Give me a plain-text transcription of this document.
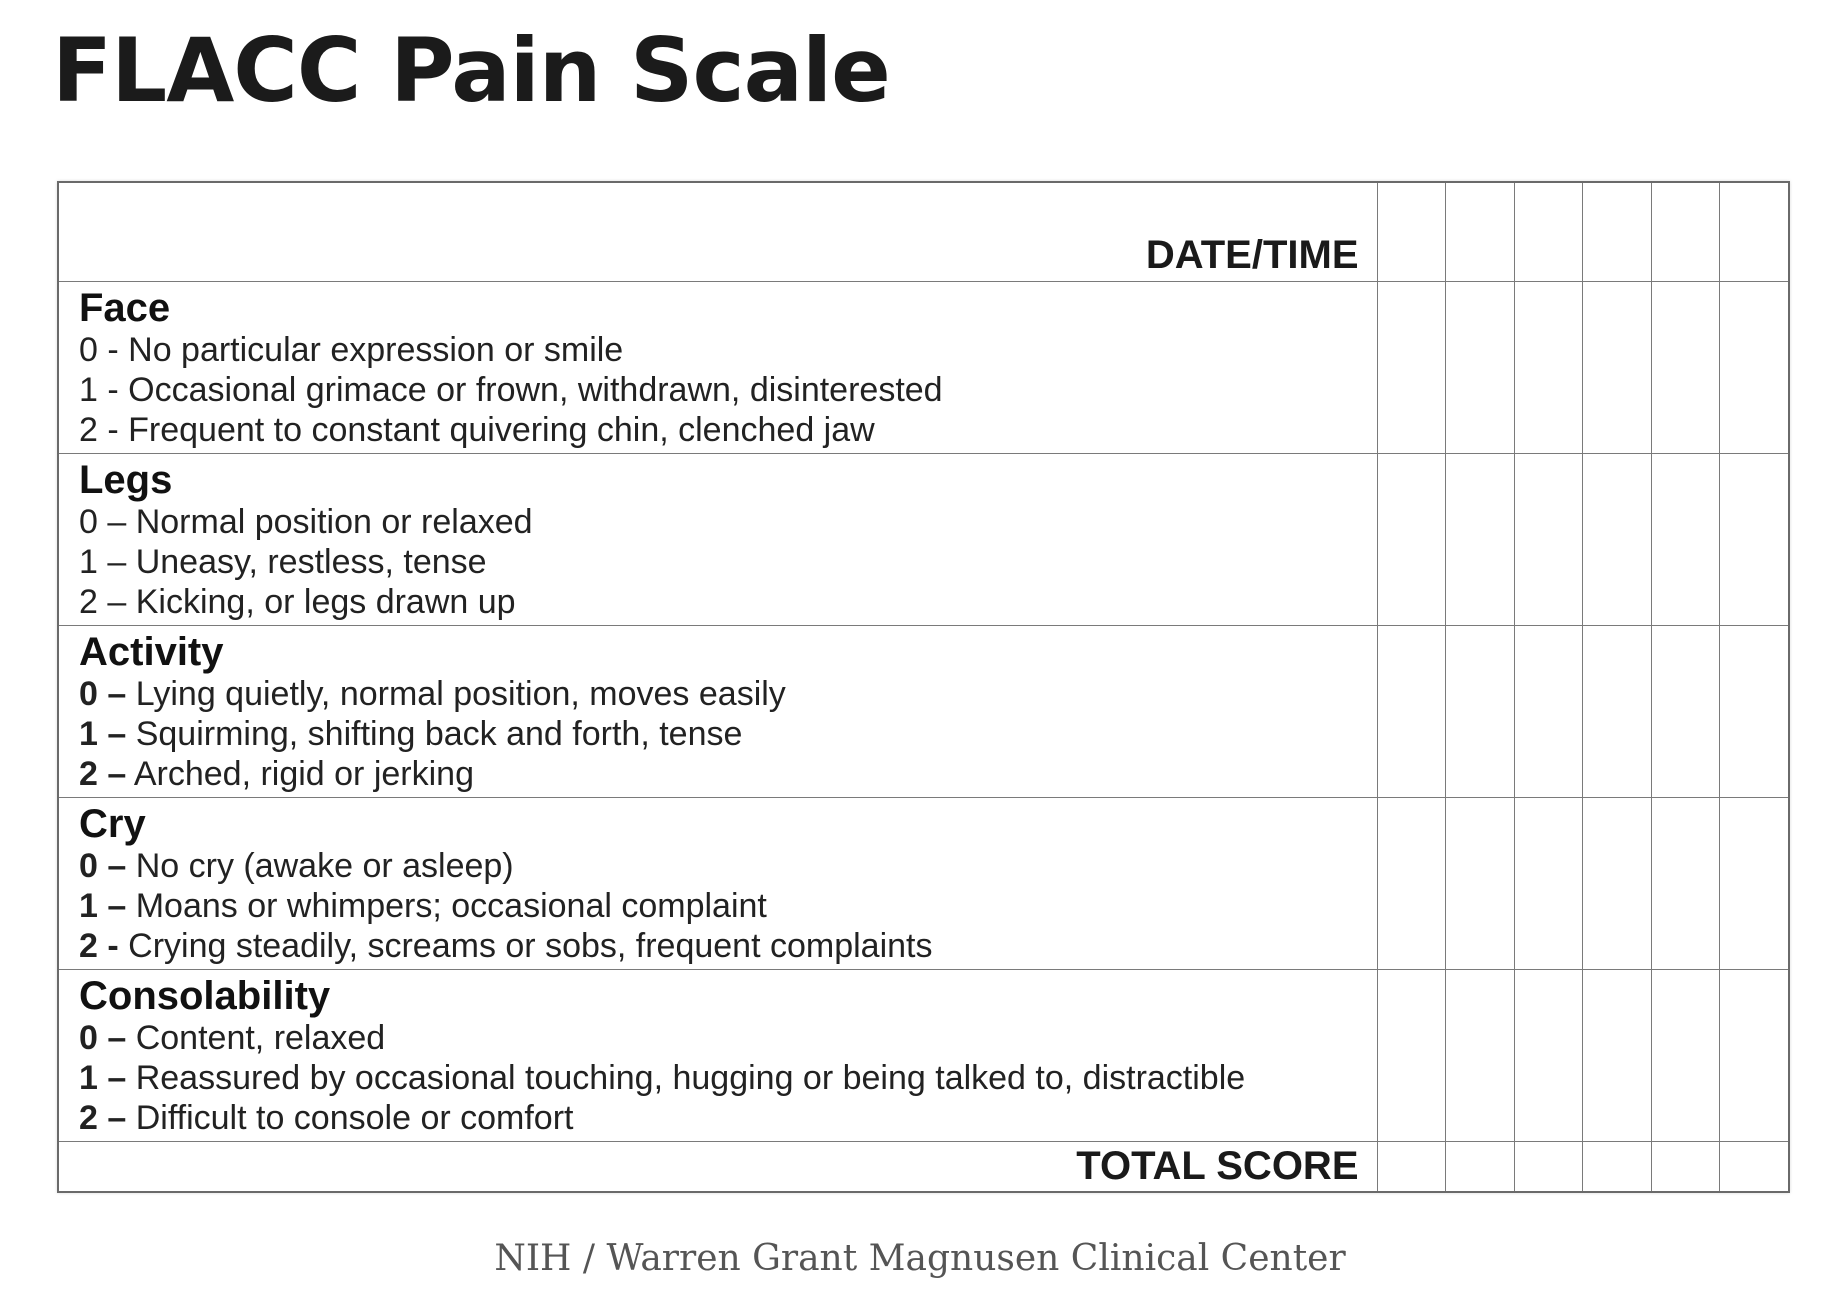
FLACC Pain Scale
DATE/TIME						

Face
0 - No particular expression or smile
1 - Occasional grimace or frown, withdrawn, disinterested
2 - Frequent to constant quivering chin, clenched jaw						

Legs
0 – Normal position or relaxed
1 – Uneasy, restless, tense
2 – Kicking, or legs drawn up						

Activity
0 – Lying quietly, normal position, moves easily
1 – Squirming, shifting back and forth, tense
2 – Arched, rigid or jerking						

Cry
0 – No cry (awake or asleep)
1 – Moans or whimpers; occasional complaint
2 - Crying steadily, screams or sobs, frequent complaints						

Consolability
0 – Content, relaxed
1 – Reassured by occasional touching, hugging or being talked to, distractible
2 – Difficult to console or comfort						

TOTAL SCORE						
NIH / Warren Grant Magnusen Clinical Center
